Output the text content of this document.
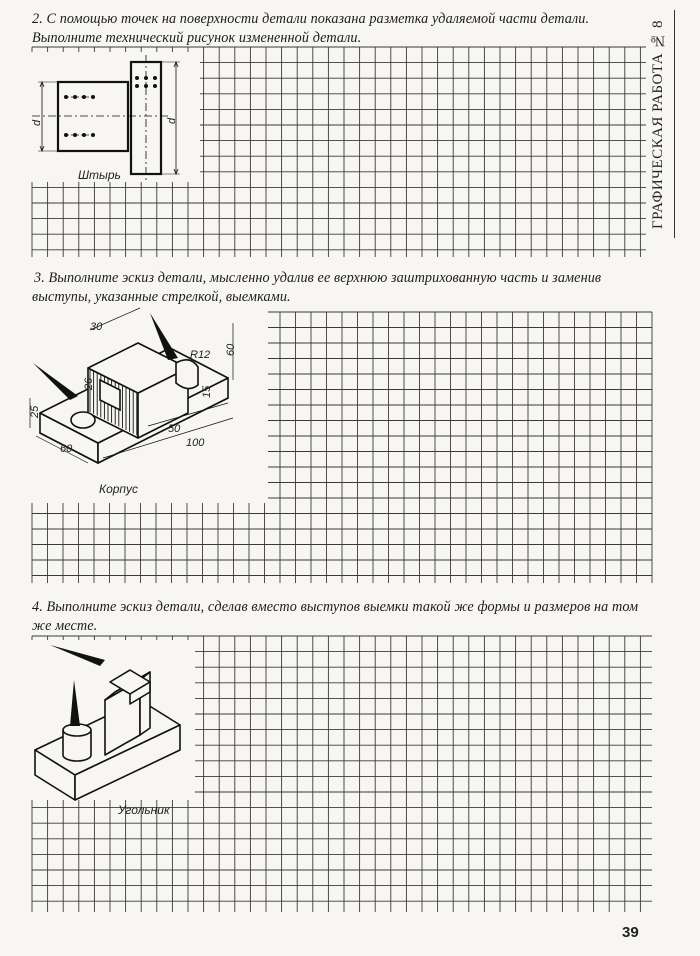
2. С помощью точек на поверхности детали показана разметка удаляемой части детали. Выполните технический рисунок измененной детали.	ГРАФИЧЕСКАЯ РАБОТА № 8
d	d
Штырь

3. Выполните эскиз детали, мысленно удалив ее верхнюю заштрихованную часть и заменив выступы, указанные стрелкой, выемками.

30
R12 60
15
26
25
50
100
60
Корпус

4. Выполните эскиз детали, сделав вместо выступов выемки такой же формы и размеров на том же месте.

Угольник
39
